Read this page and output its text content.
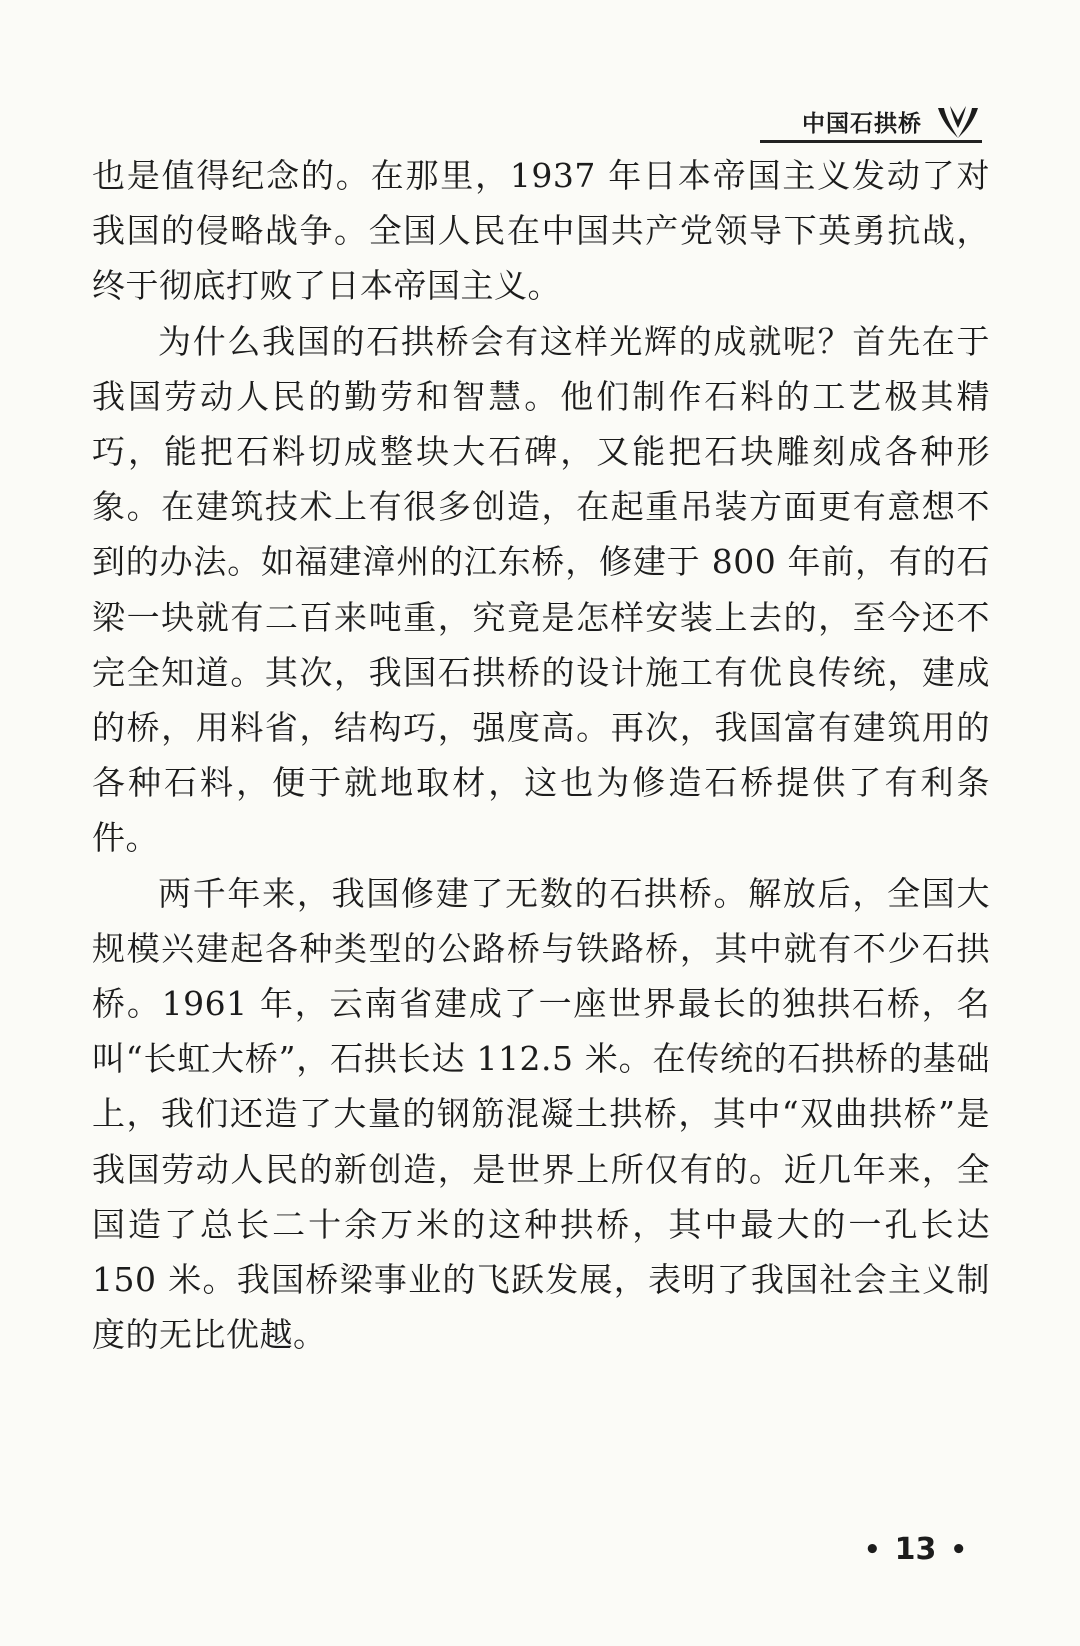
中国石拱桥

也是值得纪念的。在那里，1937 年日本帝国主义发动了对我国的侵略战争。全国人民在中国共产党领导下英勇抗战，终于彻底打败了日本帝国主义。

为什么我国的石拱桥会有这样光辉的成就呢？首先在于我国劳动人民的勤劳和智慧。他们制作石料的工艺极其精巧，能把石料切成整块大石碑，又能把石块雕刻成各种形象。在建筑技术上有很多创造，在起重吊装方面更有意想不到的办法。如福建漳州的江东桥，修建于 800 年前，有的石梁一块就有二百来吨重，究竟是怎样安装上去的，至今还不完全知道。其次，我国石拱桥的设计施工有优良传统，建成的桥，用料省，结构巧，强度高。再次，我国富有建筑用的各种石料，便于就地取材，这也为修造石桥提供了有利条件。

两千年来，我国修建了无数的石拱桥。解放后，全国大规模兴建起各种类型的公路桥与铁路桥，其中就有不少石拱桥。1961 年，云南省建成了一座世界最长的独拱石桥，名叫“长虹大桥”，石拱长达 112.5 米。在传统的石拱桥的基础上，我们还造了大量的钢筋混凝土拱桥，其中“双曲拱桥”是我国劳动人民的新创造，是世界上所仅有的。近几年来，全国造了总长二十余万米的这种拱桥，其中最大的一孔长达 150 米。我国桥梁事业的飞跃发展，表明了我国社会主义制度的无比优越。

• 13 •
